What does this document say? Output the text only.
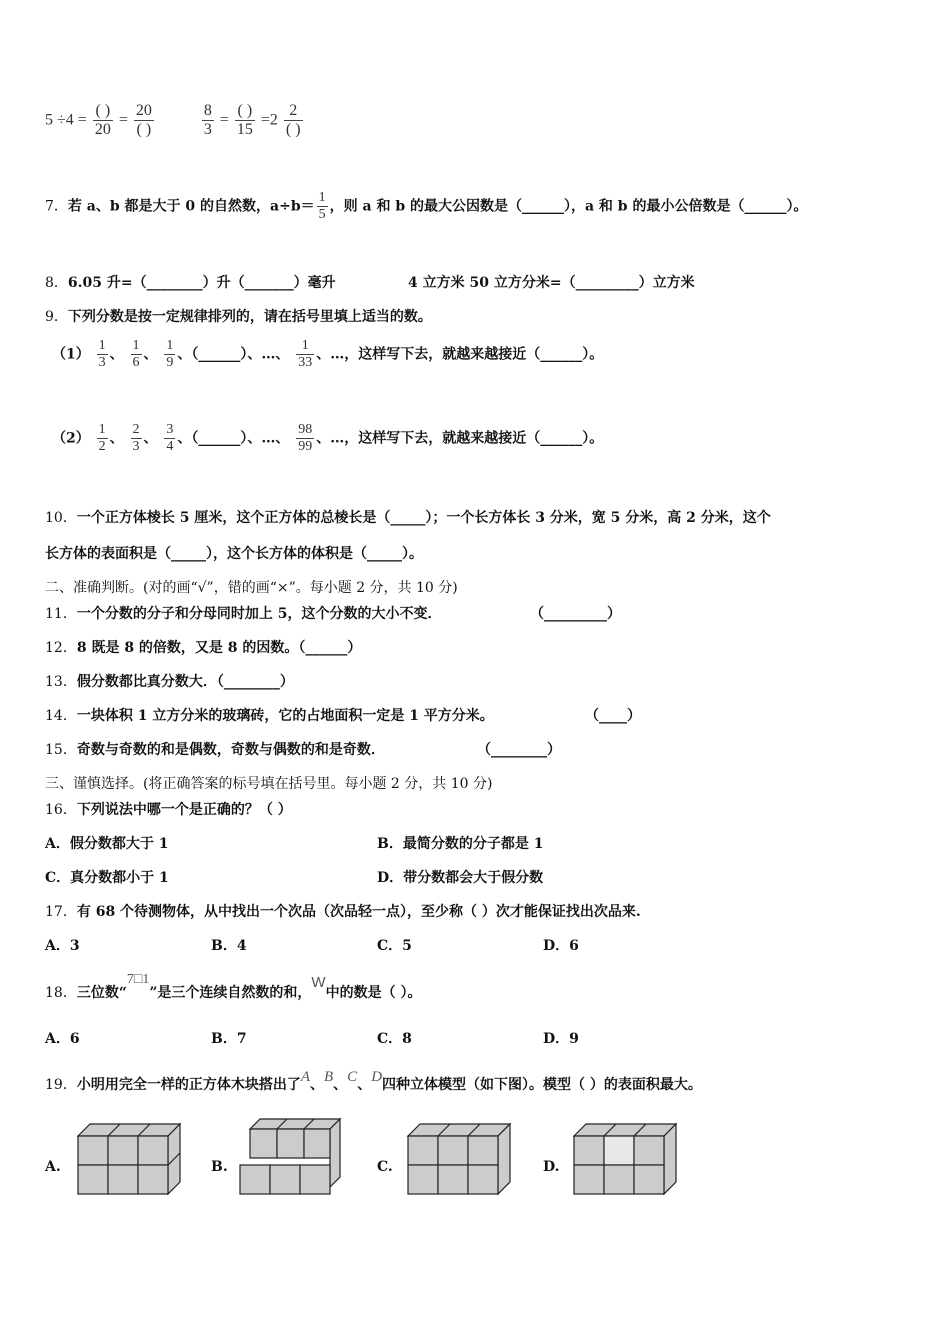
$5 \div 4 = \frac{( )}{20} = \frac{20}{( )}$
	$\frac{8}{3} = \frac{( )}{15} =2 \frac{2}{( )}$
7．若 a、b 都是大于 0 的自然数，$a\div b= \frac{1}{5}$ ，则 a 和 b 的最大公因数是（______），a 和 b 的最小公倍数是（______）。
8．6.05 升=（________）升（_______）毫升	4 立方米 50 立方分米=（_________）立方米
9．下列分数是按一定规律排列的，请在括号里填上适当的数。
$(1) \frac{1}{3}$ 、 $\frac{1}{6}$ 、 $\frac{1}{9}$ 、（______）、…、 $\frac{1}{33}$ 、…，这样写下去，就越来越接近（______）。
$(2) \frac{1}{2}$ 、 $\frac{2}{3}$ 、 $\frac{3}{4}$ 、（______）、…、 $\frac{98}{99}$ 、…，这样写下去，就越来越接近（______）。
10．一个正方体棱长 5 厘米，这个正方体的总棱长是（_____）；一个长方体长 3 分米，宽 5 分米，高 2 分米，这个
长方体的表面积是（_____），这个长方体的体积是（_____）。
二、准确判断。(对的画“√”，错的画“×”。每小题 2 分，共 10 分)
11．一个分数的分子和分母同时加上 5，这个分数的大小不变．	（_________）
12．8 既是 8 的倍数，又是 8 的因数。（______）
13．假分数都比真分数大．（________）
14．一块体积 1 立方分米的玻璃砖，它的占地面积一定是 1 平方分米。	（____）
15．奇数与奇数的和是偶数，奇数与偶数的和是奇数．	（________）
三、谨慎选择。(将正确答案的标号填在括号里。每小题 2 分，共 10 分)
16．下列说法中哪一个是正确的？（ ）
A．假分数都大于 1	B．最简分数的分子都是 1
C．真分数都小于 1	D．带分数都会大于假分数
17．有 68 个待测物体，从中找出一个次品（次品轻一点），至少称（ ）次才能保证找出次品来.
A．3	B．4	C．5	D．6
18．三位数“7□1”是三个连续自然数的和，W中的数是（ ）。
A．6	B．7	C．8	D．9
19．小明用完全一样的正方体木块搭出了A、B、C、D四种立体模型（如下图）。模型（ ）的表面积最大。
A.	B.	C.	D.
